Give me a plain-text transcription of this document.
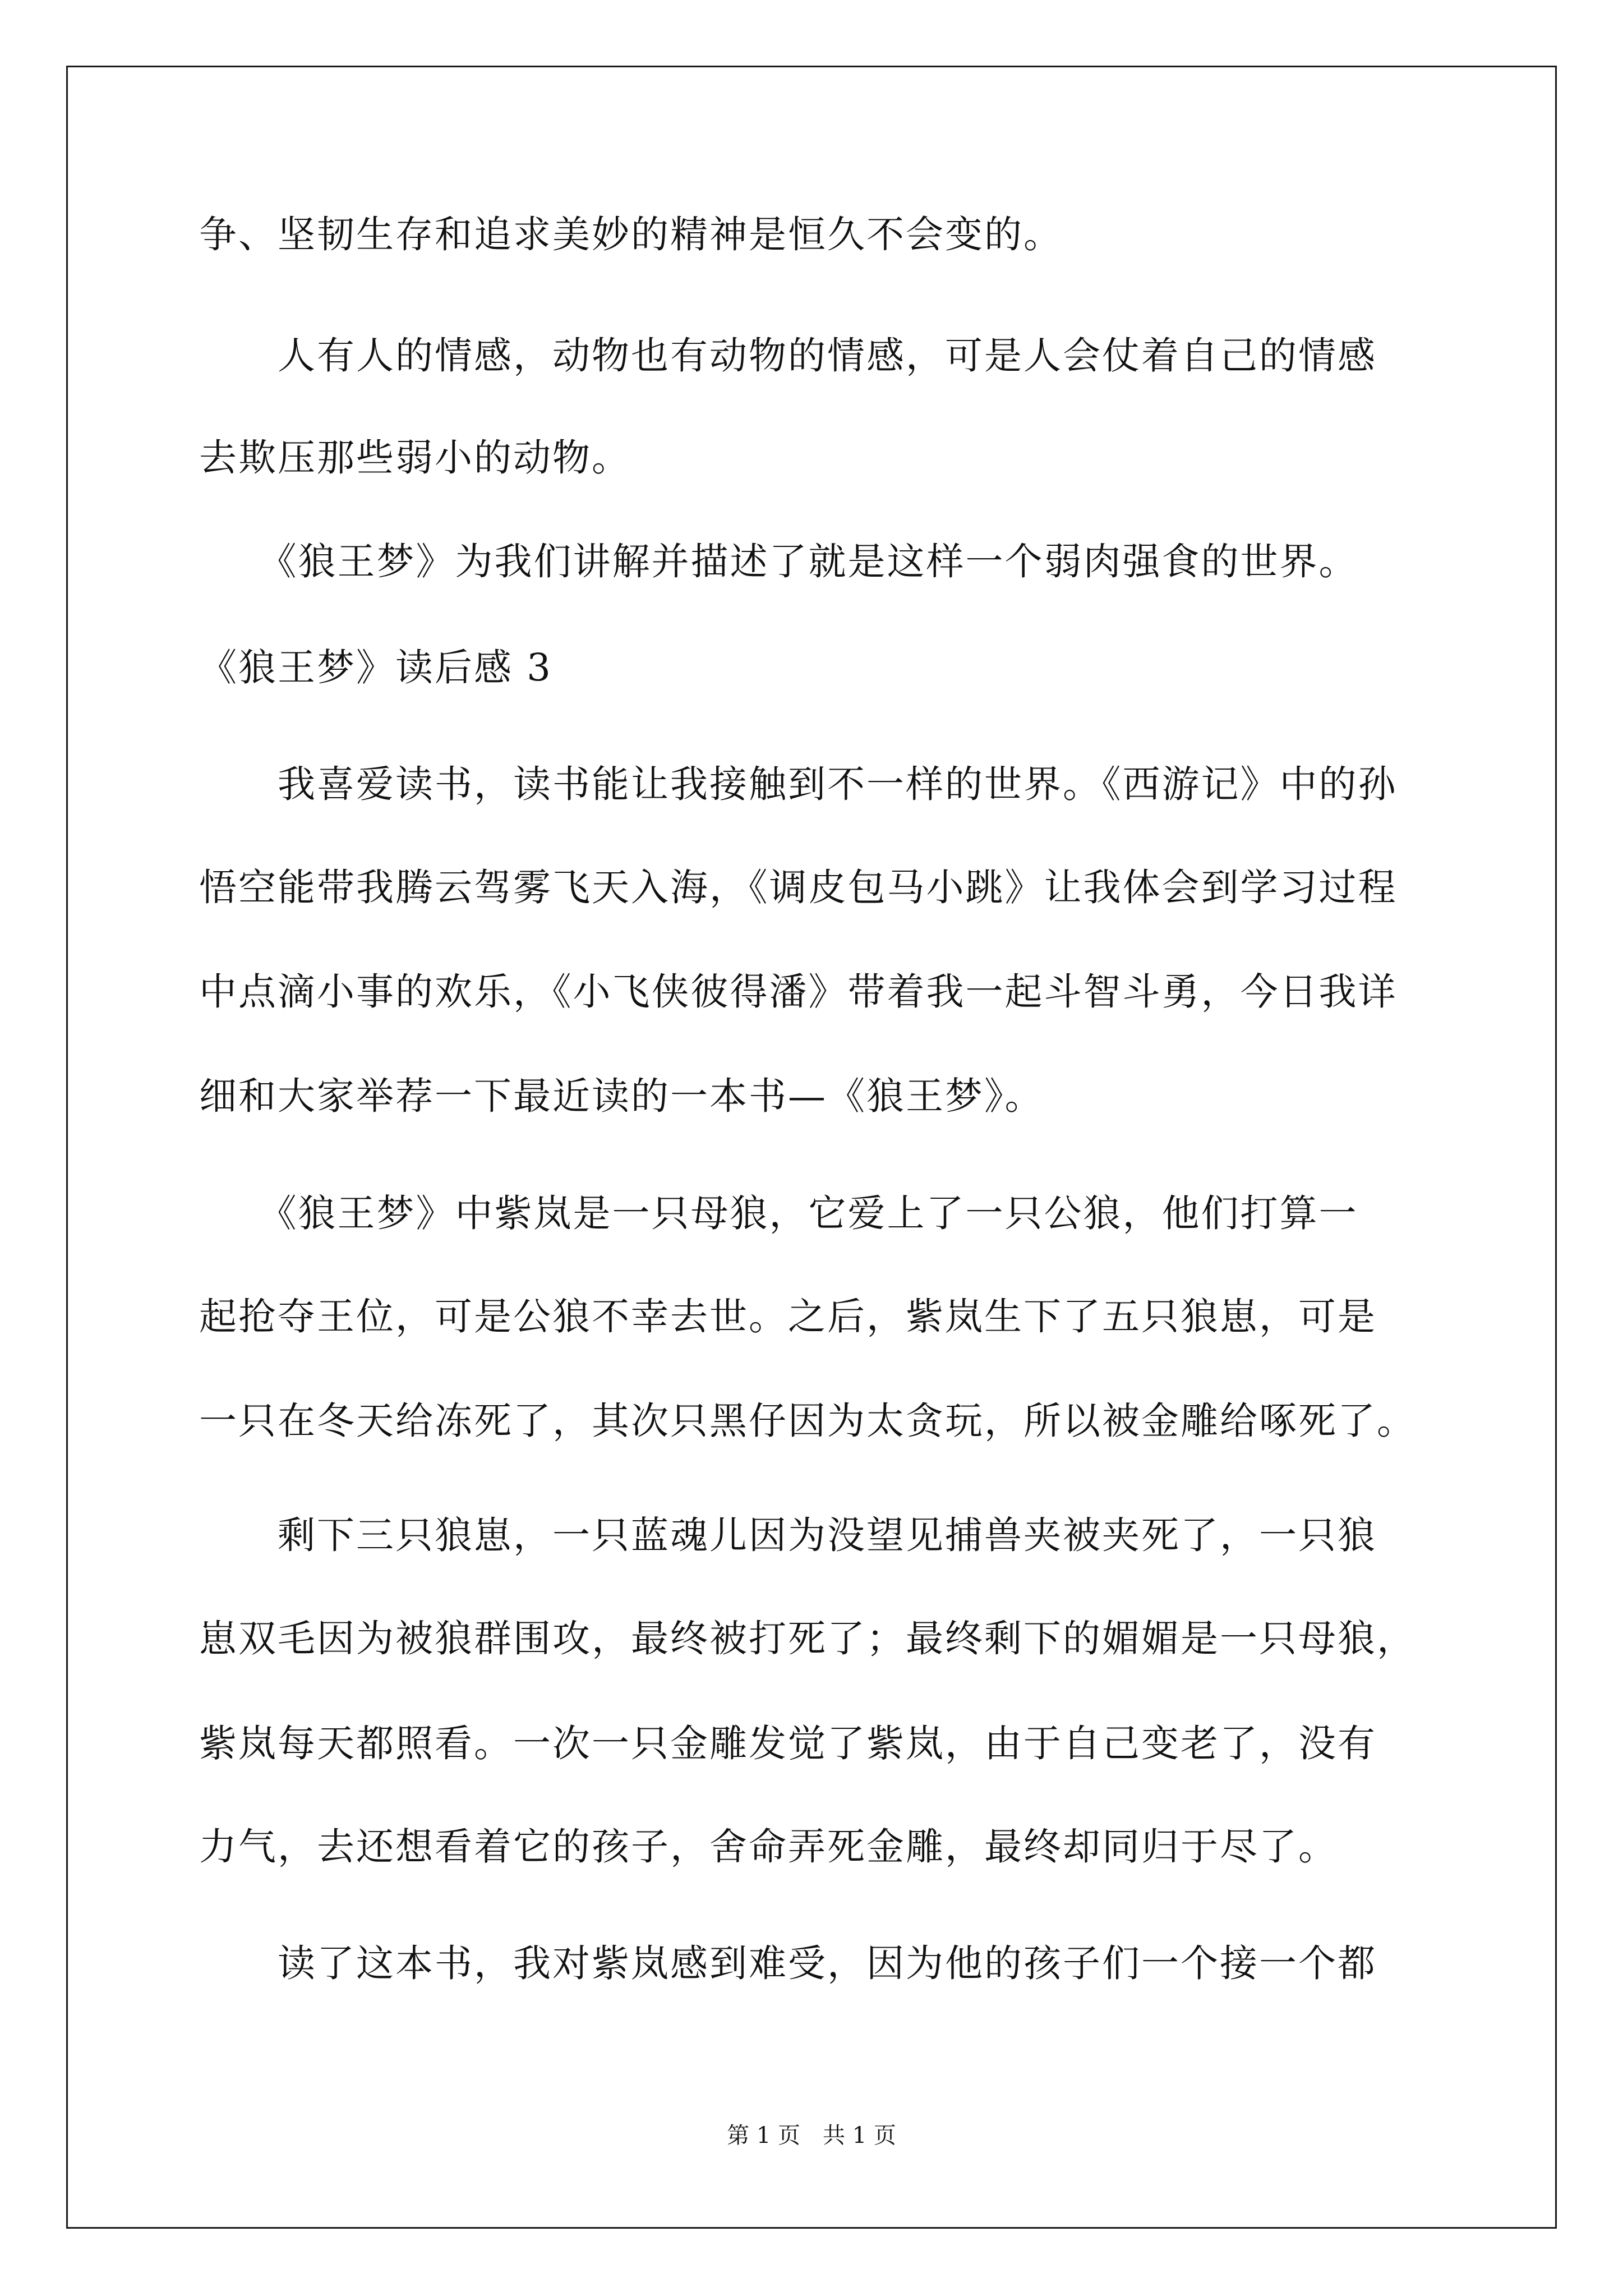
争、坚韧生存和追求美妙的精神是恒久不会变的。
　　人有人的情感，动物也有动物的情感，可是人会仗着自己的情感
去欺压那些弱小的动物。
　　《狼王梦》为我们讲解并描述了就是这样一个弱肉强食的世界。
《狼王梦》读后感 3
　　我喜爱读书，读书能让我接触到不一样的世界。《西游记》中的孙
悟空能带我腾云驾雾飞天入海，《调皮包马小跳》让我体会到学习过程
中点滴小事的欢乐，《小飞侠彼得潘》带着我一起斗智斗勇，今日我详
细和大家举荐一下最近读的一本书—《狼王梦》。
　　《狼王梦》中紫岚是一只母狼，它爱上了一只公狼，他们打算一
起抢夺王位，可是公狼不幸去世。之后，紫岚生下了五只狼崽，可是
一只在冬天给冻死了，其次只黑仔因为太贪玩，所以被金雕给啄死了。
　　剩下三只狼崽，一只蓝魂儿因为没望见捕兽夹被夹死了，一只狼
崽双毛因为被狼群围攻，最终被打死了；最终剩下的媚媚是一只母狼，
紫岚每天都照看。一次一只金雕发觉了紫岚，由于自己变老了，没有
力气，去还想看着它的孩子，舍命弄死金雕，最终却同归于尽了。
　　读了这本书，我对紫岚感到难受，因为他的孩子们一个接一个都
第 1 页　共 1 页
